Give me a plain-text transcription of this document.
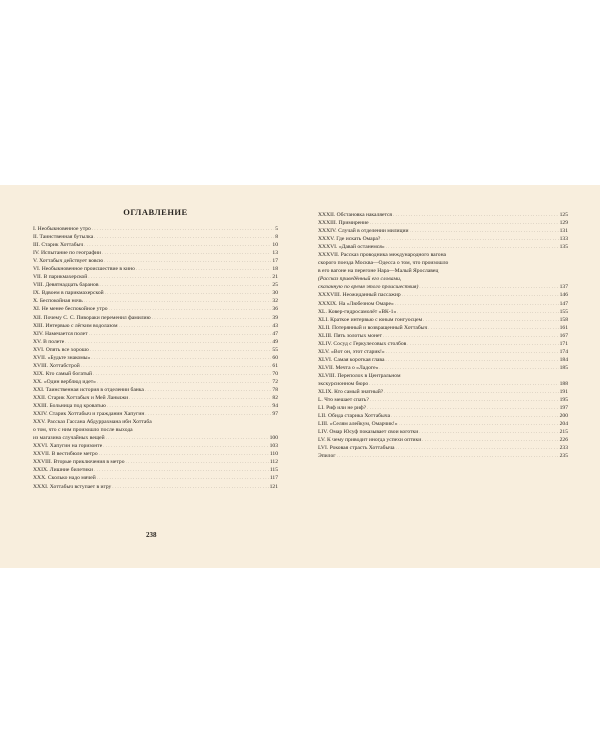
ОГЛАВЛЕНИЕ
I. Необыкновенное утро . . .	5
II. Таинственная бутылка . . .	8
III. Старик Хоттабыч . . .	10
IV. Испытание по географии . . .	13
V. Хоттабыч действует вовсю . . .	17
VI. Необыкновенное происшествие в кино . . .	18
VII. В парикмахерской . . .	21
VIII. Девятнадцать баранов . . .	25
IX. Вдвоем в парикмахерской . . .	30
X. Беспокойная ночь . . .	32
XI. Не менее беспокойное утро . . .	36
XII. Почему С. С. Пивораки переменил фамилию . . .	39
XIII. Интервью с лёгким водолазом . . .	43
XIV. Намечается полет . . .	47
XV. В полете . . .	49
XVI. Опять все хорошо . . .	55
XVII. «Будьте знакомы» . . .	60
XVIII. Хоттабстрой . . .	61
XIX. Кто самый богатый . . .	70
XX. «Один верблюд идет» . . .	72
XXI. Таинственная история в отделении банка . . .	78
XXII. Старик Хоттабыч и Мей Ланьчжи . . .	82
XXIII. Больница под кроватью . . .	94
XXIV. Старик Хоттабыч и гражданин Хапугин . . .	97
XXV. Рассказ Гассана Абдуррахмана ибн Хоттаба
о том, что с ним произошло после выхода
из магазина случайных вещей . . .	100
XXVI. Хапугин на горизонте . . .	103
XXVII. В вестибюле метро . . .	110
XXVIII. Вторые приключения в метро . . .	112
XXIX. Лишние билетики . . .	115
XXX. Сколько надо мячей . . .	117
XXXI. Хоттабыч вступает в игру . . .	121
XXXII. Обстановка накаляется . . .	125
XXXIII. Примирение . . .	129
XXXIV. Случай в отделении милиции . . .	131
XXXV. Где искать Омара? . . .	133
XXXVI. «Давай останемся» . . .	135
XXXVII. Рассказ проводника международного вагона
скорого поезда Москва—Одесса о том, что произошло
в его вагоне на перегоне Нара—Малый Ярославец
(Рассказ приведённый его словами,
сказанную по время этого происшествия) . . .	137
XXXVIII. Неожиданный пассажир . . .	146
XXXIX. На «Любезном Омаре» . . .	147
XL. Ковер-гидросамолёт «ВК-1» . . .	155
XLI. Краткое интервью с юным гонгуосцем . . .	158
XLII. Потерянный и возвращенный Хоттабыч . . .	161
XLIII. Пять золотых монет . . .	167
XLIV. Сосуд с Геркулесовых столбов . . .	171
XLV. «Вот он, этот старик!» . . .	174
XLVI. Самая короткая глава . . .	184
XLVII. Мечта о «Ладоге» . . .	185
XLVIII. Переполох в Центральном
экскурсионном бюро . . .	188
XLIX. Кто самый знатный? . . .	191
L. Что мешает спать? . . .	195
LI. Риф или не риф? . . .	197
LII. Обида старика Хоттабыча . . .	200
LIII. «Селям алейкум, Омарчик!» . . .	204
LIV. Омар Юсуф показывает свои коготки . . .	215
LV. К чему приводит иногда успехи оптики . . .	226
LVI. Роковая страсть Хоттабыча . . .	233
Эпилог . . .	235
238
